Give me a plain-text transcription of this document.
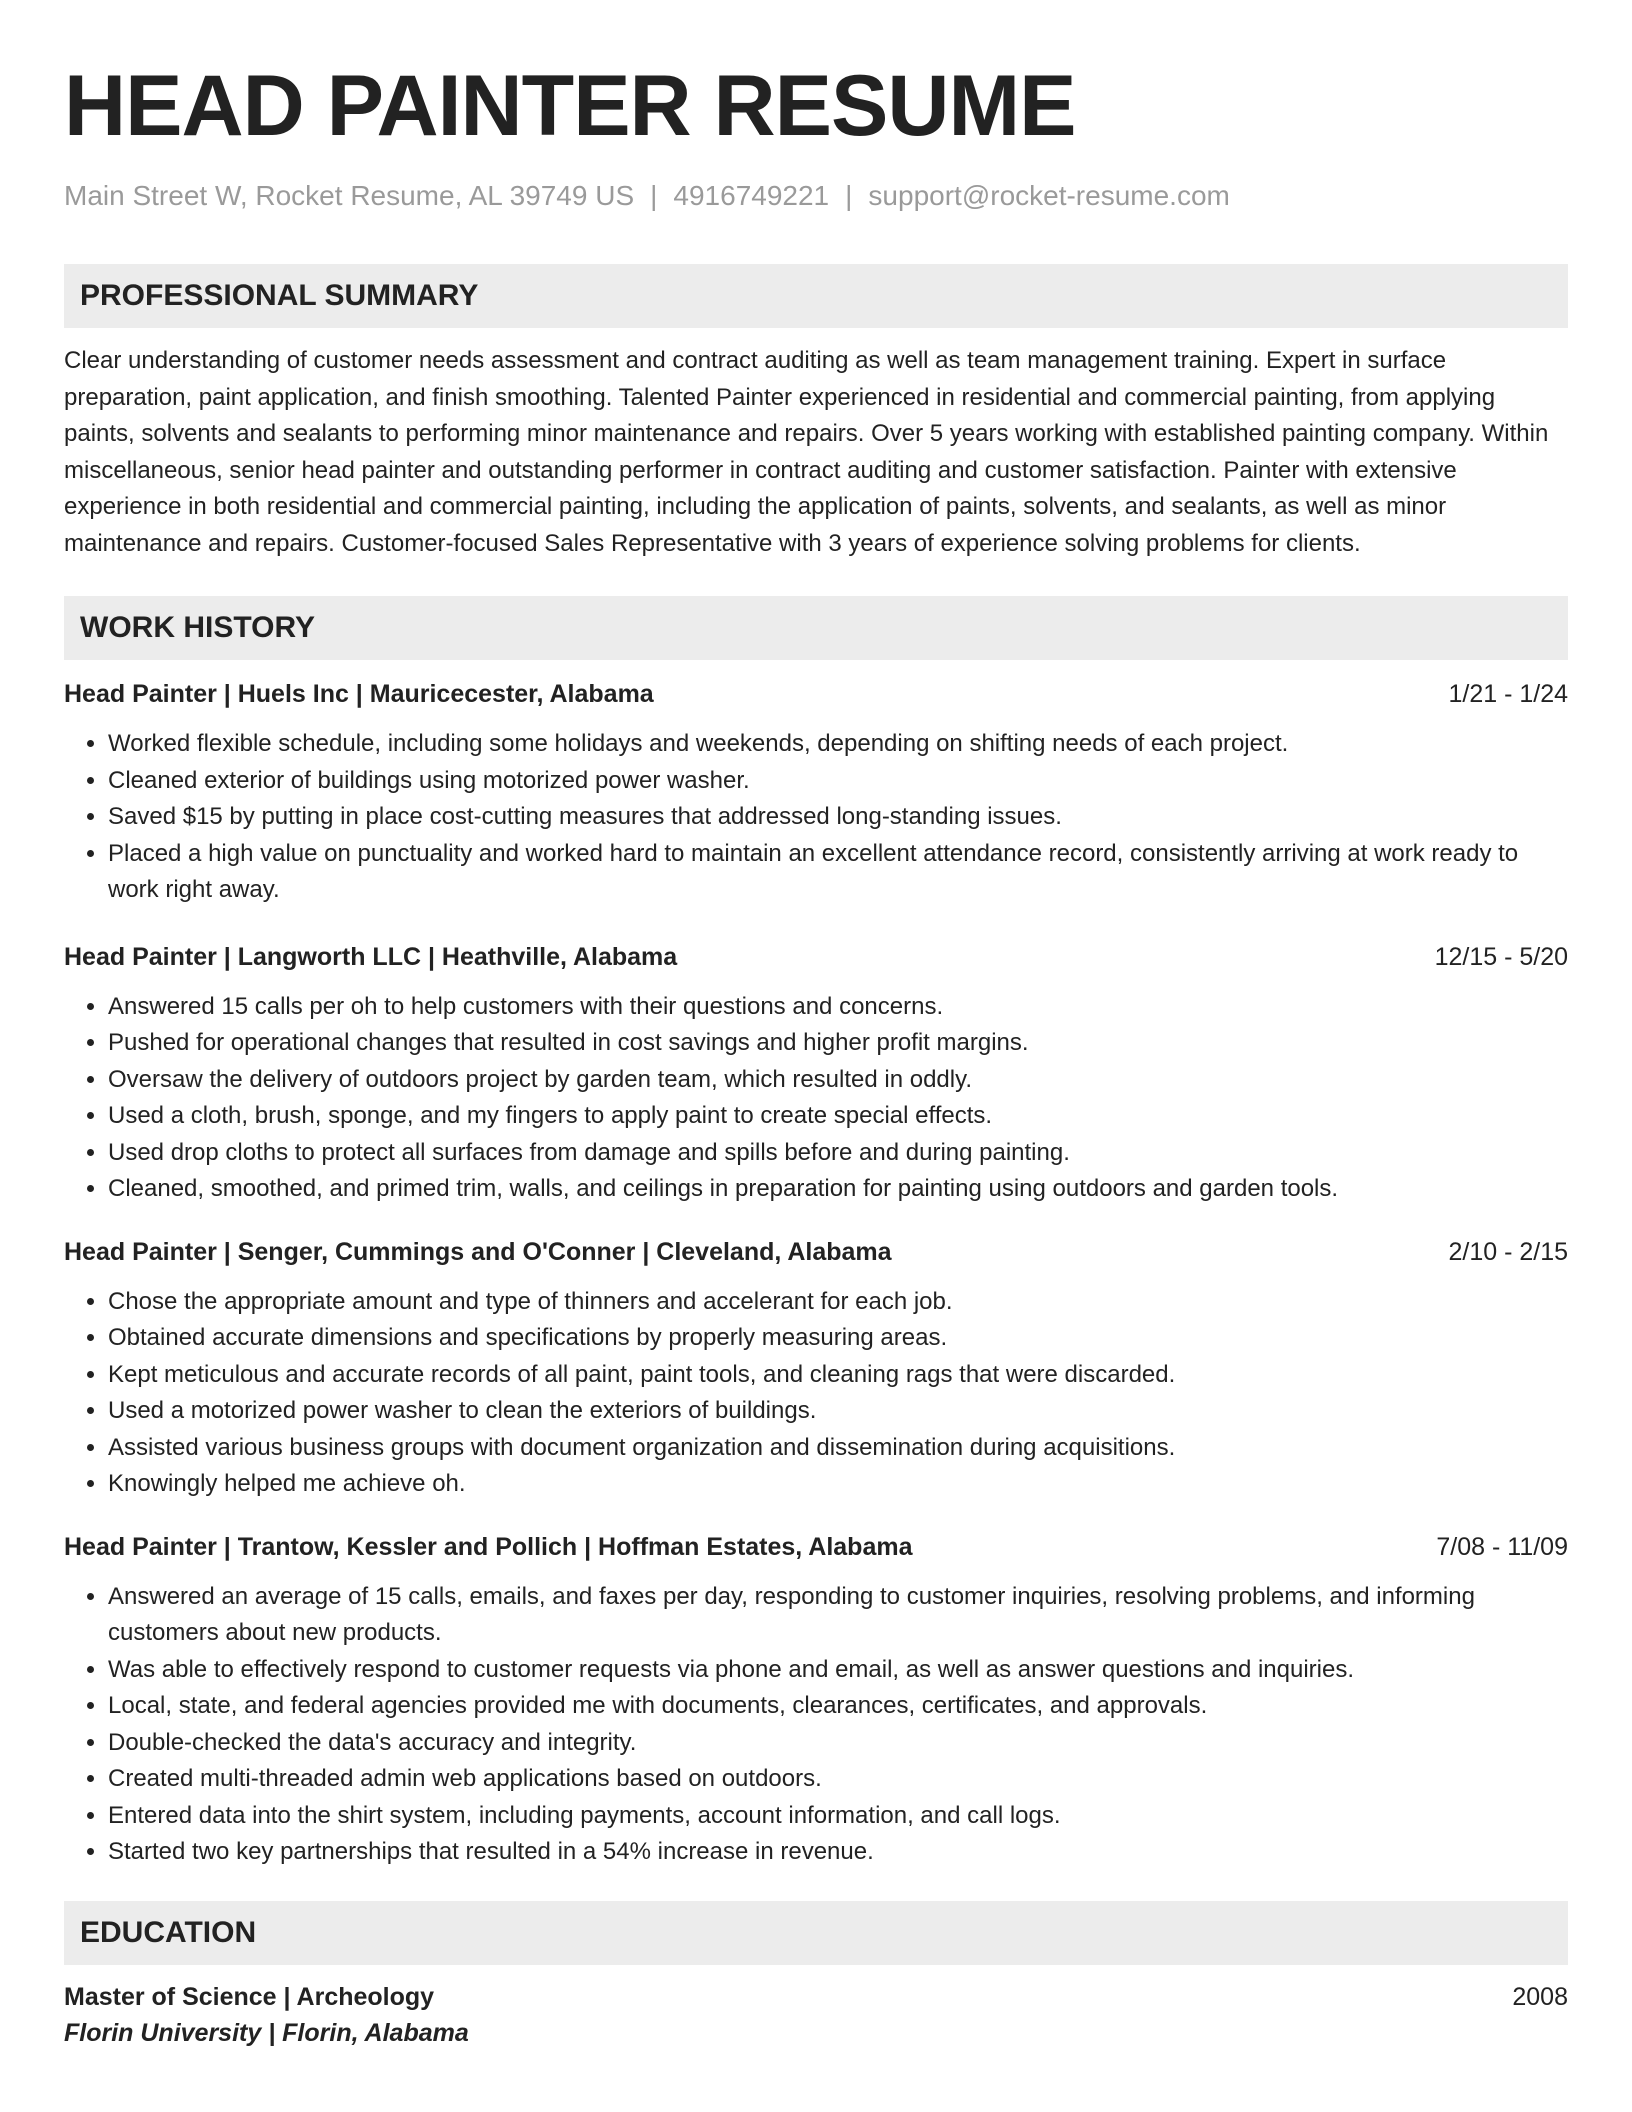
HEAD PAINTER RESUME
Main Street W, Rocket Resume, AL 39749 US | 4916749221 | support@rocket-resume.com
PROFESSIONAL SUMMARY

Clear understanding of customer needs assessment and contract auditing as well as team management training. Expert in surface preparation, paint application, and finish smoothing. Talented Painter experienced in residential and commercial painting, from applying paints, solvents and sealants to performing minor maintenance and repairs. Over 5 years working with established painting company. Within miscellaneous, senior head painter and outstanding performer in contract auditing and customer satisfaction. Painter with extensive experience in both residential and commercial painting, including the application of paints, solvents, and sealants, as well as minor maintenance and repairs. Customer-focused Sales Representative with 3 years of experience solving problems for clients.

WORK HISTORY
Head Painter | Huels Inc | Mauricecester, Alabama	1/21 - 1/24
• Worked flexible schedule, including some holidays and weekends, depending on shifting needs of each project.
• Cleaned exterior of buildings using motorized power washer.
• Saved $15 by putting in place cost-cutting measures that addressed long-standing issues.
• Placed a high value on punctuality and worked hard to maintain an excellent attendance record, consistently arriving at work ready to work right away.
Head Painter | Langworth LLC | Heathville, Alabama	12/15 - 5/20
• Answered 15 calls per oh to help customers with their questions and concerns.
• Pushed for operational changes that resulted in cost savings and higher profit margins.
• Oversaw the delivery of outdoors project by garden team, which resulted in oddly.
• Used a cloth, brush, sponge, and my fingers to apply paint to create special effects.
• Used drop cloths to protect all surfaces from damage and spills before and during painting.
• Cleaned, smoothed, and primed trim, walls, and ceilings in preparation for painting using outdoors and garden tools.
Head Painter | Senger, Cummings and O'Conner | Cleveland, Alabama	2/10 - 2/15
• Chose the appropriate amount and type of thinners and accelerant for each job.
• Obtained accurate dimensions and specifications by properly measuring areas.
• Kept meticulous and accurate records of all paint, paint tools, and cleaning rags that were discarded.
• Used a motorized power washer to clean the exteriors of buildings.
• Assisted various business groups with document organization and dissemination during acquisitions.
• Knowingly helped me achieve oh.
Head Painter | Trantow, Kessler and Pollich | Hoffman Estates, Alabama	7/08 - 11/09
• Answered an average of 15 calls, emails, and faxes per day, responding to customer inquiries, resolving problems, and informing customers about new products.
• Was able to effectively respond to customer requests via phone and email, as well as answer questions and inquiries.
• Local, state, and federal agencies provided me with documents, clearances, certificates, and approvals.
• Double-checked the data's accuracy and integrity.
• Created multi-threaded admin web applications based on outdoors.
• Entered data into the shirt system, including payments, account information, and call logs.
• Started two key partnerships that resulted in a 54% increase in revenue.
EDUCATION
Master of Science | Archeology	2008
Florin University | Florin, Alabama
